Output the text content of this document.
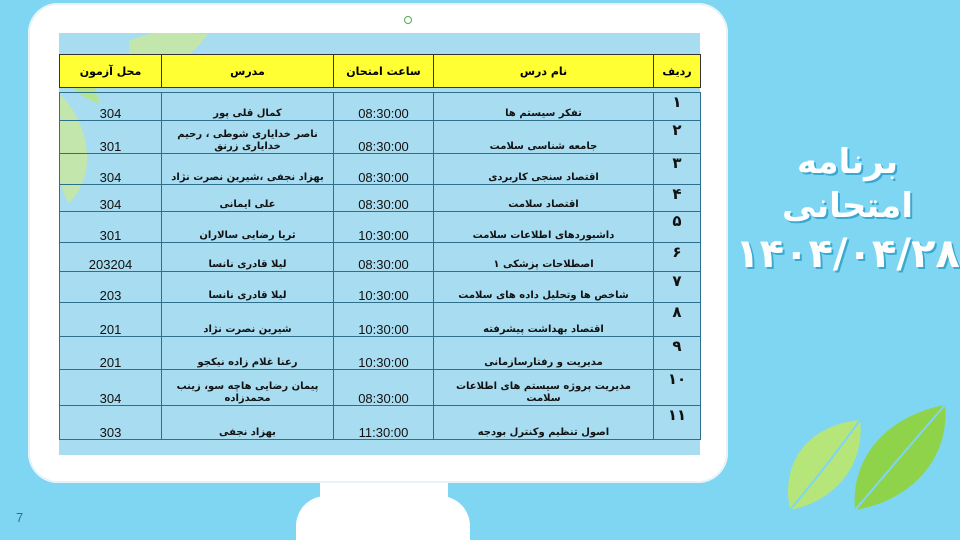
ردیف	نام درس	ساعت امتحان	مدرس	محل آزمون

۱	تفکر سیستم ها	08:30:00	کمال قلی پور	304
۲	جامعه شناسی سلامت	08:30:00	ناصر خدایاری شوطی ، رحیم خدایاری زرنق	301
۳	اقتصاد سنجی کاربردی	08:30:00	بهزاد نجفی ،شیرین نصرت نژاد	304
۴	اقتصاد سلامت	08:30:00	علی ایمانی	304
۵	داشبوردهای اطلاعات سلامت	10:30:00	ثریا رضایی سالاران	301
۶	اصطلاحات پزشکی ۱	08:30:00	لیلا قادری نانسا	203204
۷	شاخص ها وتحلیل داده های سلامت	10:30:00	لیلا قادری نانسا	203
۸	اقتصاد بهداشت پیشرفته	10:30:00	شیرین نصرت نژاد	201
۹	مدیریت و رفتارسازمانی	10:30:00	رعنا غلام زاده نیکجو	201
۱۰	مدیریت پروژه سیستم های اطلاعات سلامت	08:30:00	پیمان رضایی هاچه سو، زینب محمدزاده	304
۱۱	اصول تنظیم وکنترل بودجه	11:30:00	بهزاد نجفی	303
برنامه امتحانی
۱۴۰۴/۰۴/۲۸
7
